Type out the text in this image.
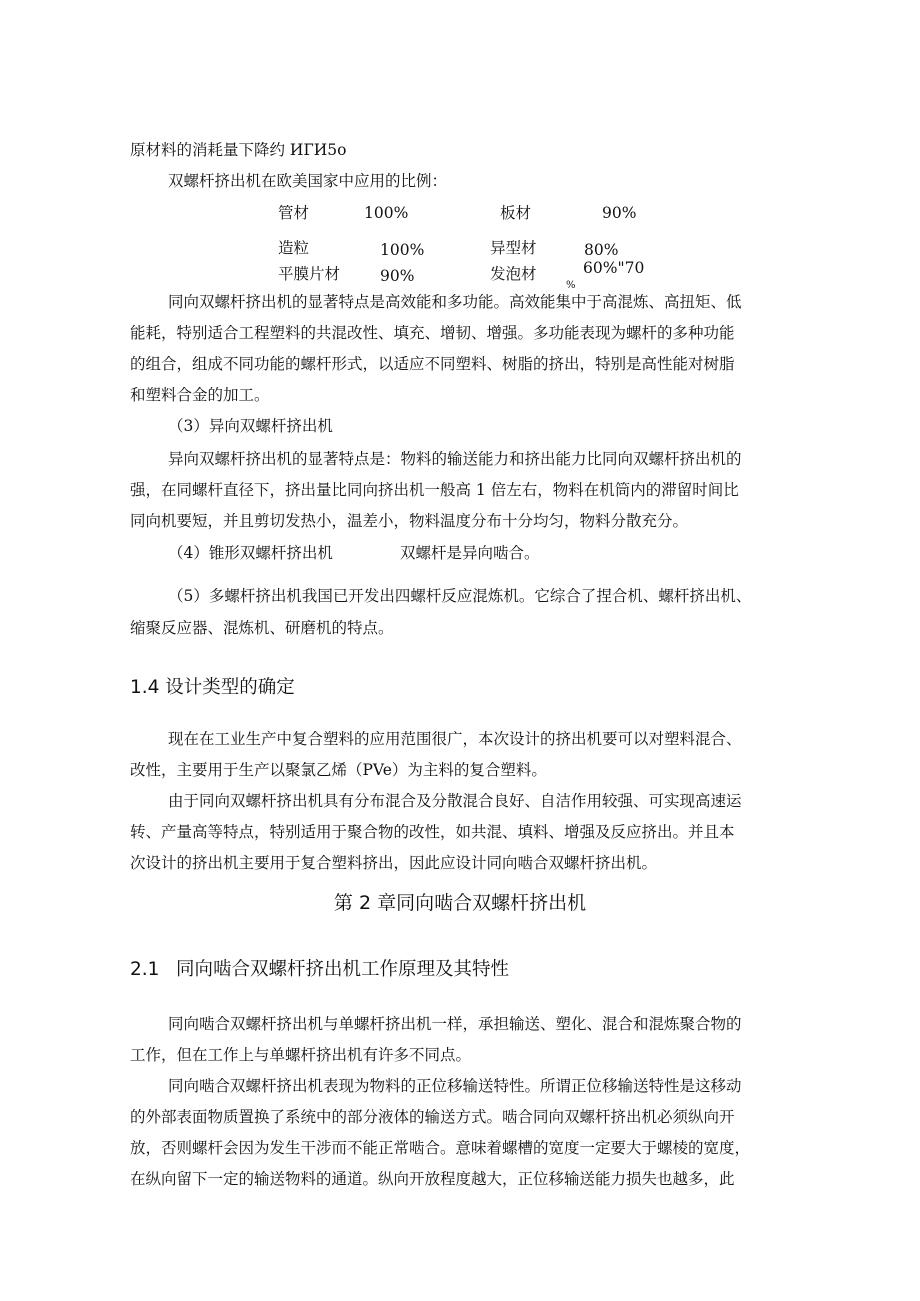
原材料的消耗量下降约 ИГИ5о
双螺杆挤出机在欧美国家中应用的比例：
管材	100%	板材	90%
造粒	100%	异型材	80%
平膜片材	90%	发泡材	60%"70
%
同向双螺杆挤出机的显著特点是高效能和多功能。高效能集中于高混炼、高扭矩、低
能耗，特别适合工程塑料的共混改性、填充、增韧、增强。多功能表现为螺杆的多种功能
的组合，组成不同功能的螺杆形式，以适应不同塑料、树脂的挤出，特别是高性能对树脂
和塑料合金的加工。
（3）异向双螺杆挤出机
异向双螺杆挤出机的显著特点是：物料的输送能力和挤出能力比同向双螺杆挤出机的
强，在同螺杆直径下，挤出量比同向挤出机一般高 1 倍左右，物料在机筒内的滞留时间比
同向机要短，并且剪切发热小，温差小，物料温度分布十分均匀，物料分散充分。
（4）锥形双螺杆挤出机	双螺杆是异向啮合。
（5）多螺杆挤出机我国已开发出四螺杆反应混炼机。它综合了捏合机、螺杆挤出机、
缩聚反应器、混炼机、研磨机的特点。
1.4 设计类型的确定
现在在工业生产中复合塑料的应用范围很广，本次设计的挤出机要可以对塑料混合、
改性，主要用于生产以聚氯乙烯（PVe）为主料的复合塑料。
由于同向双螺杆挤出机具有分布混合及分散混合良好、自洁作用较强、可实现高速运
转、产量高等特点，特别适用于聚合物的改性，如共混、填料、增强及反应挤出。并且本
次设计的挤出机主要用于复合塑料挤出，因此应设计同向啮合双螺杆挤出机。
第 2 章同向啮合双螺杆挤出机
2.1 同向啮合双螺杆挤出机工作原理及其特性
同向啮合双螺杆挤出机与单螺杆挤出机一样，承担输送、塑化、混合和混炼聚合物的
工作，但在工作上与单螺杆挤出机有许多不同点。
同向啮合双螺杆挤出机表现为物料的正位移输送特性。所谓正位移输送特性是这移动
的外部表面物质置换了系统中的部分液体的输送方式。啮合同向双螺杆挤出机必须纵向开
放，否则螺杆会因为发生干涉而不能正常啮合。意味着螺槽的宽度一定要大于螺棱的宽度，
在纵向留下一定的输送物料的通道。纵向开放程度越大，正位移输送能力损失也越多，此
